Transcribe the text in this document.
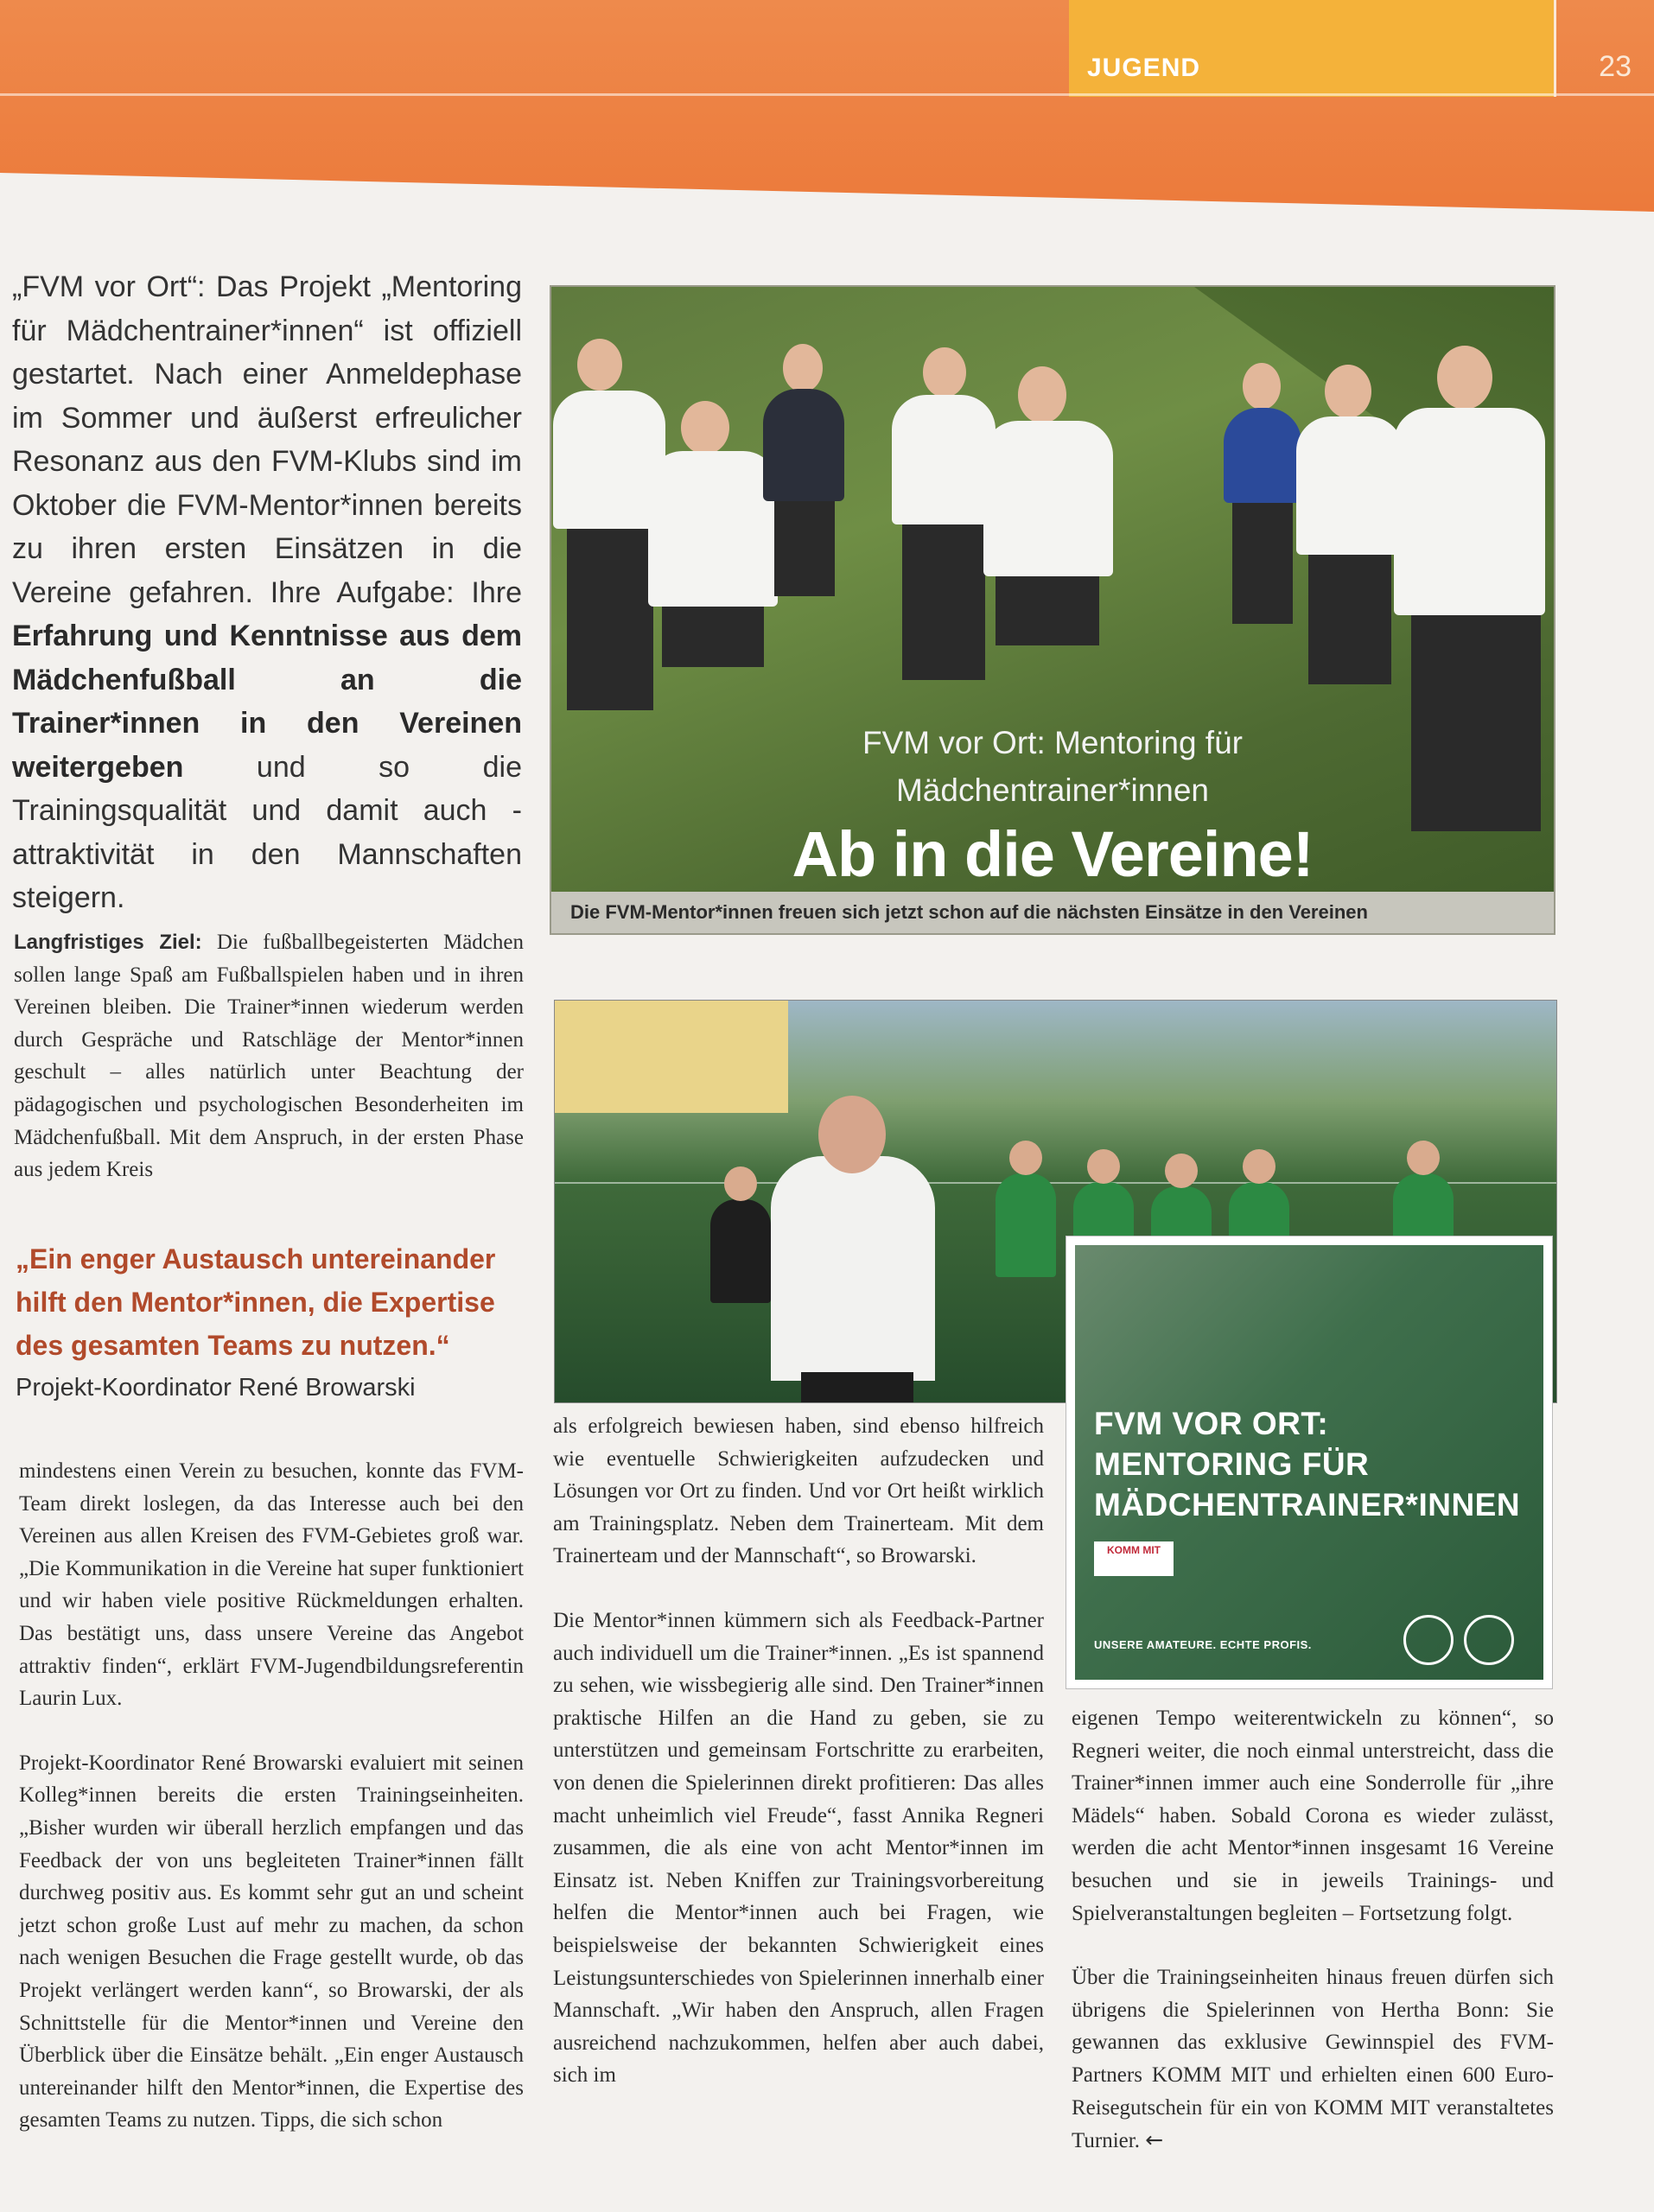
JUGEND	23
„FVM vor Ort“: Das Projekt „Mentoring für Mädchentrainer*innen“ ist offiziell gestartet. Nach einer Anmeldephase im Sommer und äußerst erfreulicher Resonanz aus den FVM-Klubs sind im Oktober die FVM-Mentor*innen bereits zu ihren ersten Einsätzen in die Vereine gefahren. Ihre Aufgabe: Ihre Erfahrung und Kenntnisse aus dem Mädchenfußball an die Trainer*innen in den Vereinen weitergeben und so die Trainingsqualität und damit auch -attraktivität in den Mannschaften steigern.

Langfristiges Ziel: Die fußballbegeisterten Mädchen sollen lange Spaß am Fußballspielen haben und in ihren Vereinen bleiben. Die Trainer*innen wiederum werden durch Gespräche und Ratschläge der Mentor*innen geschult – alles natürlich unter Beachtung der pädagogischen und psychologischen Besonderheiten im Mädchenfußball. Mit dem Anspruch, in der ersten Phase aus jedem Kreis

„Ein enger Austausch untereinander hilft den Mentor*innen, die Expertise des gesamten Teams zu nutzen.“
Projekt-Koordinator René Browarski
FVM vor Ort: Mentoring für
Mädchentrainer*innen
Ab in die Vereine!
Die FVM-Mentor*innen freuen sich jetzt schon auf die nächsten Einsätze in den Vereinen
FVM VOR ORT:
MENTORING FÜR
MÄDCHENTRAINER*INNEN
KOMM MIT
UNSERE AMATEURE. ECHTE PROFIS.

mindestens einen Verein zu besuchen, konnte das FVM-Team direkt loslegen, da das Interesse auch bei den Vereinen aus allen Kreisen des FVM-Gebietes groß war. „Die Kommunikation in die Vereine hat super funktioniert und wir haben viele positive Rückmeldungen erhalten. Das bestätigt uns, dass unsere Vereine das Angebot attraktiv finden“, erklärt FVM-Jugendbildungsreferentin Laurin Lux.

Projekt-Koordinator René Browarski evaluiert mit seinen Kolleg*innen bereits die ersten Trainingseinheiten. „Bisher wurden wir überall herzlich empfangen und das Feedback der von uns begleiteten Trainer*innen fällt durchweg positiv aus. Es kommt sehr gut an und scheint jetzt schon große Lust auf mehr zu machen, da schon nach wenigen Besuchen die Frage gestellt wurde, ob das Projekt verlängert werden kann“, so Browarski, der als Schnittstelle für die Mentor*innen und Vereine den Überblick über die Einsätze behält. „Ein enger Austausch untereinander hilft den Mentor*innen, die Expertise des gesamten Teams zu nutzen. Tipps, die sich schon

als erfolgreich bewiesen haben, sind ebenso hilfreich wie eventuelle Schwierigkeiten aufzudecken und Lösungen vor Ort zu finden. Und vor Ort heißt wirklich am Trainingsplatz. Neben dem Trainerteam. Mit dem Trainerteam und der Mannschaft“, so Browarski.

Die Mentor*innen kümmern sich als Feedback-Partner auch individuell um die Trainer*innen. „Es ist spannend zu sehen, wie wissbegierig alle sind. Den Trainer*innen praktische Hilfen an die Hand zu geben, sie zu unterstützen und gemeinsam Fortschritte zu erarbeiten, von denen die Spielerinnen direkt profitieren: Das alles macht unheimlich viel Freude“, fasst Annika Regneri zusammen, die als eine von acht Mentor*innen im Einsatz ist. Neben Kniffen zur Trainingsvorbereitung helfen die Mentor*innen auch bei Fragen, wie beispielsweise der bekannten Schwierigkeit eines Leistungsunterschiedes von Spielerinnen innerhalb einer Mannschaft. „Wir haben den Anspruch, allen Fragen ausreichend nachzukommen, helfen aber auch dabei, sich im

eigenen Tempo weiterentwickeln zu können“, so Regneri weiter, die noch einmal unterstreicht, dass die Trainer*innen immer auch eine Sonderrolle für „ihre Mädels“ haben. Sobald Corona es wieder zulässt, werden die acht Mentor*innen insgesamt 16 Vereine besuchen und sie in jeweils Trainings- und Spielveranstaltungen begleiten – Fortsetzung folgt.

Über die Trainingseinheiten hinaus freuen dürfen sich übrigens die Spielerinnen von Hertha Bonn: Sie gewannen das exklusive Gewinnspiel des FVM-Partners KOMM MIT und erhielten einen 600 Euro-Reisegutschein für ein von KOMM MIT veranstaltetes Turnier. ←
